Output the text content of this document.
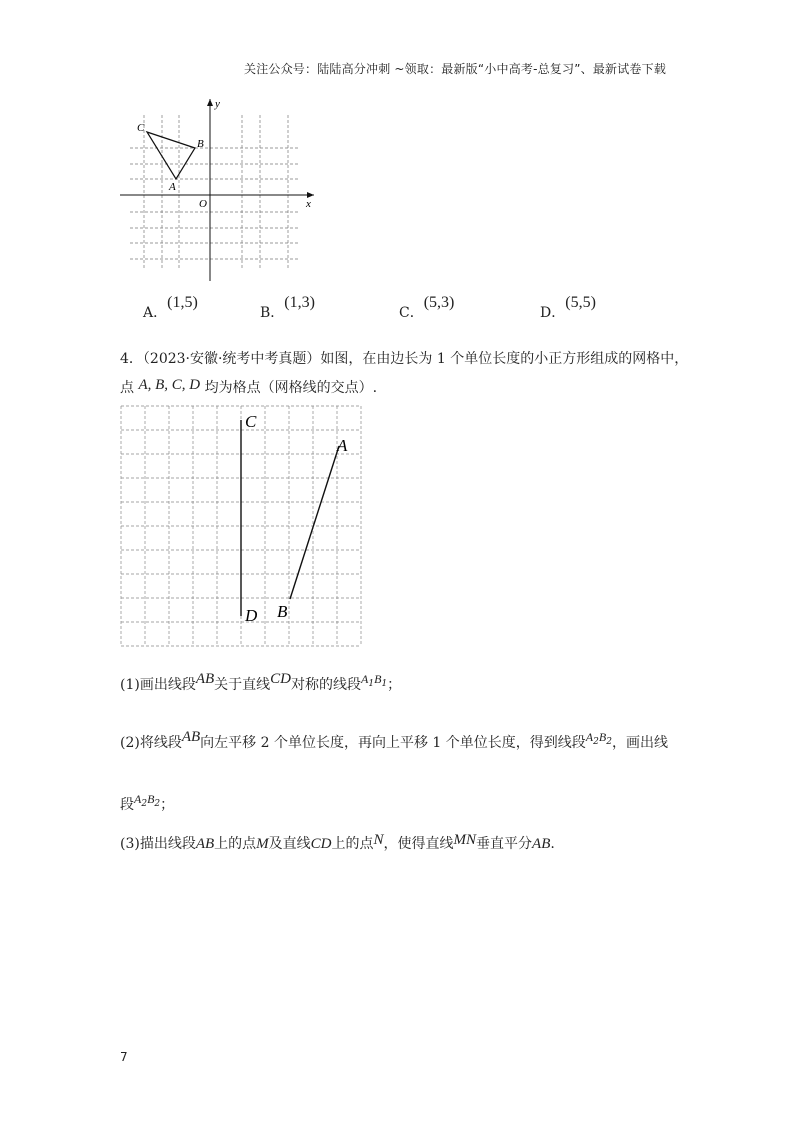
关注公众号：陆陆高分冲刺 ~领取：最新版“小中高考-总复习”、最新试卷下载
C
B
A
O	x
y
A．(1,5)
B．(1,3)
C．(5,3)
D．(5,5)
4．（2023·安徽·统考中考真题）如图，在由边长为 1 个单位长度的小正方形组成的网格中，
点 A, B, C, D 均为格点（网格线的交点）.
C
D
A
B
(1)画出线段AB关于直线CD对称的线段$A_1B_1$；
(2)将线段AB向左平移 2 个单位长度，再向上平移 1 个单位长度，得到线段$A_2B_2$，画出线
段$A_2B_2$；
(3)描出线段AB上的点M及直线CD上的点N，使得直线MN垂直平分AB.
7
